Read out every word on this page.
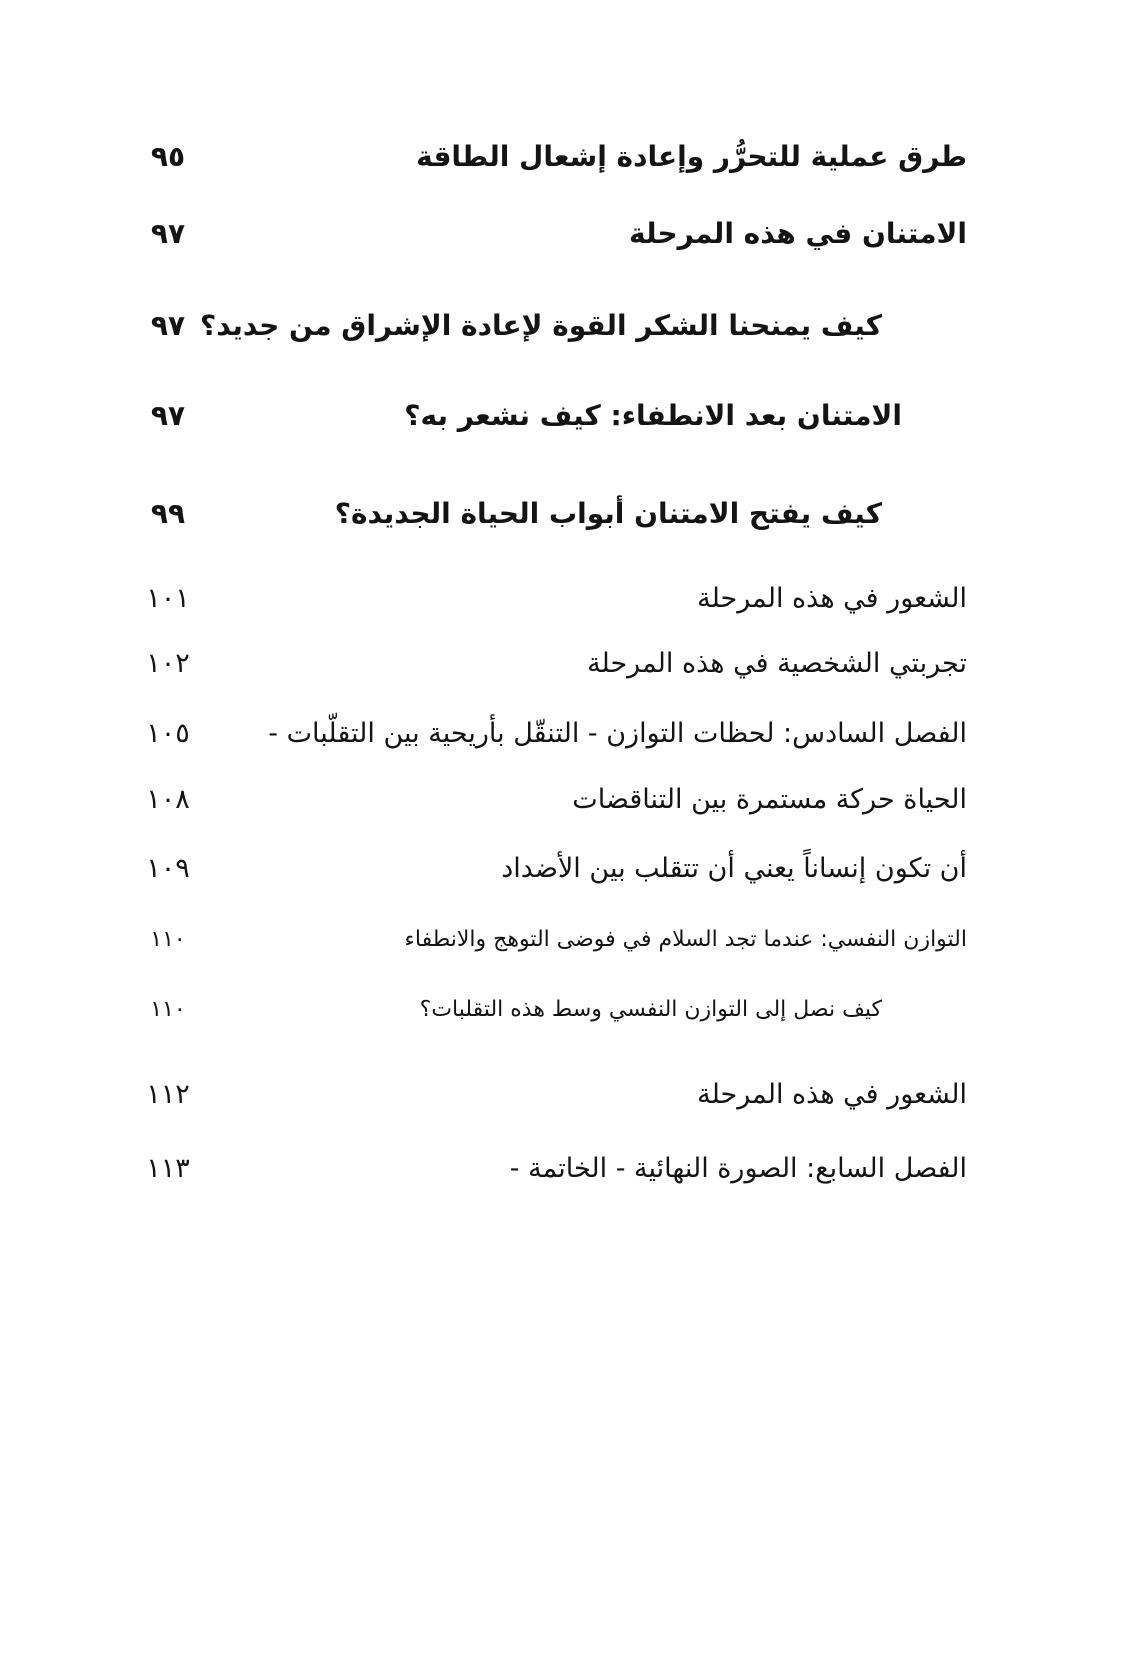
٩٥	طرق عملية للتحرُّر وإعادة إشعال الطاقة
٩٧	الامتنان في هذه المرحلة
٩٧ كيف يمنحنا الشكر القوة لإعادة الإشراق من جديد؟
٩٧	الامتنان بعد الانطفاء: كيف نشعر به؟
٩٩	كيف يفتح الامتنان أبواب الحياة الجديدة؟
١٠١	الشعور في هذه المرحلة
١٠٢	تجربتي الشخصية في هذه المرحلة
١٠٥	الفصل السادس: لحظات التوازن - التنقّل بأريحية بين التقلّبات -
١٠٨	الحياة حركة مستمرة بين التناقضات
١٠٩	أن تكون إنساناً يعني أن تتقلب بين الأضداد
١١٠	التوازن النفسي: عندما تجد السلام في فوضى التوهج والانطفاء
١١٠	كيف نصل إلى التوازن النفسي وسط هذه التقلبات؟
١١٢	الشعور في هذه المرحلة
١١٣	الفصل السابع: الصورة النهائية - الخاتمة -
